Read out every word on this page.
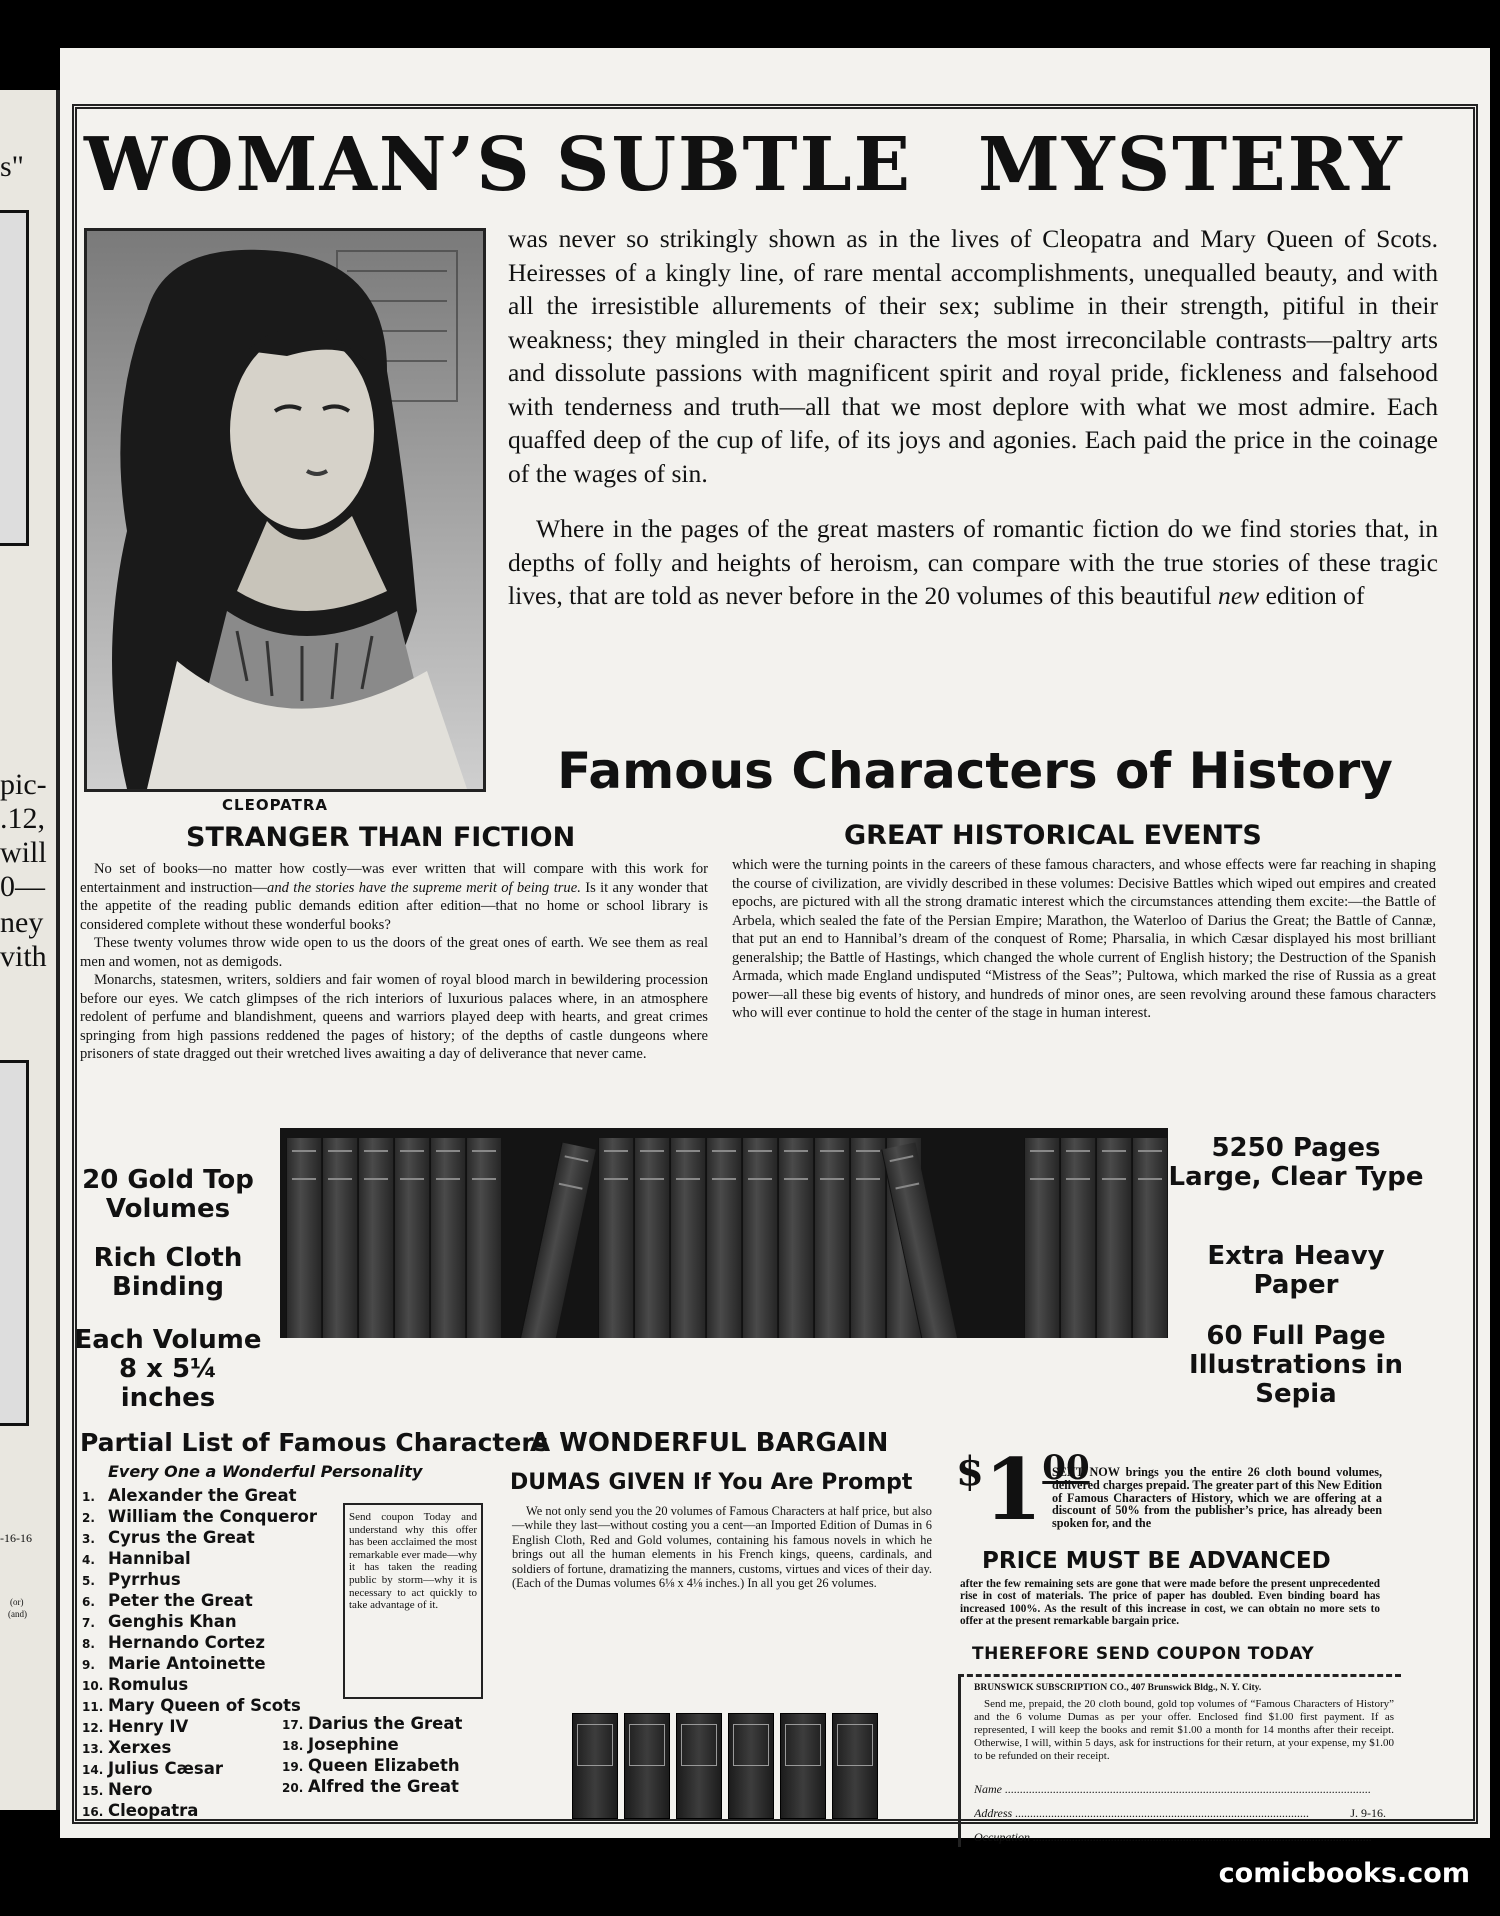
s"
pic-
.12,
will
0—
ney
vith
-16-16
(or)
(and)
WOMAN’S SUBTLE MYSTERY
CLEOPATRA

was never so strikingly shown as in the lives of Cleopatra and Mary Queen of Scots. Heiresses of a kingly line, of rare mental accomplishments, unequalled beauty, and with all the irresistible allurements of their sex; sublime in their strength, pitiful in their weakness; they mingled in their characters the most irreconcilable contrasts—paltry arts and dissolute passions with magnificent spirit and royal pride, fickleness and falsehood with tenderness and truth—all that we most deplore with what we most admire. Each quaffed deep of the cup of life, of its joys and agonies. Each paid the price in the coinage of the wages of sin.

Where in the pages of the great masters of romantic fiction do we find stories that, in depths of folly and heights of heroism, can compare with the true stories of these tragic lives, that are told as never before in the 20 volumes of this beautiful new edition of

Famous Characters of History
STRANGER THAN FICTION

No set of books—no matter how costly—was ever written that will compare with this work for entertainment and instruction—and the stories have the supreme merit of being true. Is it any wonder that the appetite of the reading public demands edition after edition—that no home or school library is considered complete without these wonderful books?

These twenty volumes throw wide open to us the doors of the great ones of earth. We see them as real men and women, not as demigods.

Monarchs, statesmen, writers, soldiers and fair women of royal blood march in bewildering procession before our eyes. We catch glimpses of the rich interiors of luxurious palaces where, in an atmosphere redolent of perfume and blandishment, queens and warriors played deep with hearts, and great crimes springing from high passions reddened the pages of history; of the depths of castle dungeons where prisoners of state dragged out their wretched lives awaiting a day of deliverance that never came.

GREAT HISTORICAL EVENTS

which were the turning points in the careers of these famous characters, and whose effects were far reaching in shaping the course of civilization, are vividly described in these volumes: Decisive Battles which wiped out empires and created epochs, are pictured with all the strong dramatic interest which the circumstances attending them excite:—the Battle of Arbela, which sealed the fate of the Persian Empire; Marathon, the Waterloo of Darius the Great; the Battle of Cannæ, that put an end to Hannibal’s dream of the conquest of Rome; Pharsalia, in which Cæsar displayed his most brilliant generalship; the Battle of Hastings, which changed the whole current of English history; the Destruction of the Spanish Armada, which made England undisputed “Mistress of the Seas”; Pultowa, which marked the rise of Russia as a great power—all these big events of history, and hundreds of minor ones, are seen revolving around these famous characters who will ever continue to hold the center of the stage in human interest.

20 Gold Top Volumes
Rich Cloth Binding
Each Volume 8 x 5¼ inches
5250 Pages
Large, Clear Type
Extra Heavy Paper
60 Full Page Illustrations in Sepia
Partial List of Famous Characters
Every One a Wonderful Personality
1. Alexander the Great
2. William the Conqueror
3. Cyrus the Great
4. Hannibal
5. Pyrrhus
6. Peter the Great
7. Genghis Khan
8. Hernando Cortez
9. Marie Antoinette
10. Romulus
11. Mary Queen of Scots
12. Henry IV
13. Xerxes
14. Julius Cæsar
15. Nero
16. Cleopatra
17. Darius the Great
18. Josephine
19. Queen Elizabeth
20. Alfred the Great
Send coupon Today and understand why this offer has been acclaimed the most remarkable ever made—why it has taken the reading public by storm—why it is necessary to act quickly to take advantage of it.
A WONDERFUL BARGAIN
DUMAS GIVEN If You Are Prompt

We not only send you the 20 volumes of Famous Characters at half price, but also—while they last—without costing you a cent—an Imported Edition of Dumas in 6 English Cloth, Red and Gold volumes, containing his famous novels in which he brings out all the human elements in his French kings, queens, cardinals, and soldiers of fortune, dramatizing the manners, customs, virtues and vices of their day. (Each of the Dumas volumes 6⅛ x 4⅛ inches.) In all you get 26 volumes.

$100
SENT NOW brings you the entire 26 cloth bound volumes, delivered charges prepaid. The greater part of this New Edition of Famous Characters of History, which we are offering at a discount of 50% from the publisher’s price, has already been spoken for, and the
PRICE MUST BE ADVANCED

after the few remaining sets are gone that were made before the present unprecedented rise in cost of materials. The price of paper has doubled. Even binding board has increased 100%. As the result of this increase in cost, we can obtain no more sets to offer at the present remarkable bargain price.

THEREFORE SEND COUPON TODAY
BRUNSWICK SUBSCRIPTION CO., 407 Brunswick Bldg., N. Y. City.
Send me, prepaid, the 20 cloth bound, gold top volumes of “Famous Characters of History” and the 6 volume Dumas as per your offer. Enclosed find $1.00 first payment. If as represented, I will keep the books and remit $1.00 a month for 14 months after their receipt. Otherwise, I will, within 5 days, ask for instructions for their return, at your expense, my $1.00 to be refunded on their receipt.
Name ..........................................................................................................................
Address ..................................................................................................	J. 9-16.
Occupation .................................................................................................................
comicbooks.com
